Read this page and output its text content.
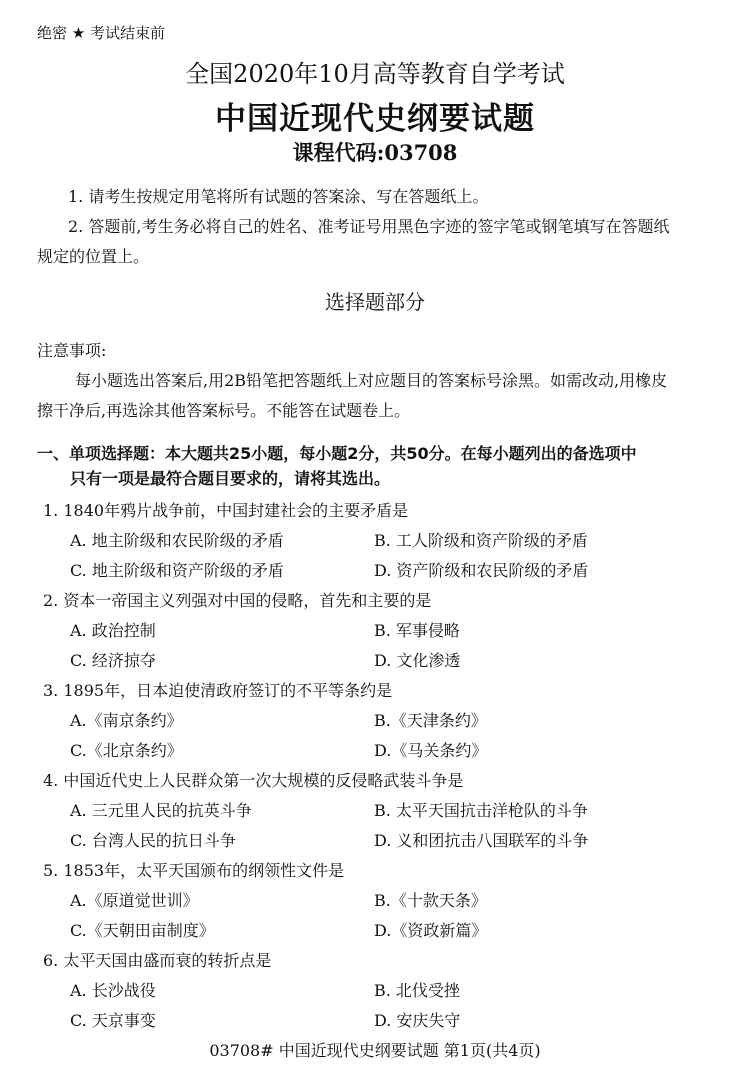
绝密 ★ 考试结束前
全国2020年10月高等教育自学考试
中国近现代史纲要试题
课程代码:03708
1. 请考生按规定用笔将所有试题的答案涂、写在答题纸上。
2. 答题前,考生务必将自己的姓名、准考证号用黑色字迹的签字笔或钢笔填写在答题纸
规定的位置上。
选择题部分
注意事项:
每小题选出答案后,用2B铅笔把答题纸上对应题目的答案标号涂黑。如需改动,用橡皮
擦干净后,再选涂其他答案标号。不能答在试题卷上。
一、单项选择题：本大题共25小题，每小题2分，共50分。在每小题列出的备选项中
只有一项是最符合题目要求的，请将其选出。
1. 1840年鸦片战争前，中国封建社会的主要矛盾是
A. 地主阶级和农民阶级的矛盾	B. 工人阶级和资产阶级的矛盾
C. 地主阶级和资产阶级的矛盾	D. 资产阶级和农民阶级的矛盾
2. 资本一帝国主义列强对中国的侵略，首先和主要的是
A. 政治控制	B. 军事侵略
C. 经济掠夺	D. 文化渗透
3. 1895年，日本迫使清政府签订的不平等条约是
A.《南京条约》	B.《天津条约》
C.《北京条约》	D.《马关条约》
4. 中国近代史上人民群众第一次大规模的反侵略武装斗争是
A. 三元里人民的抗英斗争	B. 太平天国抗击洋枪队的斗争
C. 台湾人民的抗日斗争	D. 义和团抗击八国联军的斗争
5. 1853年，太平天国颁布的纲领性文件是
A.《原道觉世训》	B.《十款天条》
C.《天朝田亩制度》	D.《资政新篇》
6. 太平天国由盛而衰的转折点是
A. 长沙战役	B. 北伐受挫
C. 天京事变	D. 安庆失守
03708# 中国近现代史纲要试题 第1页(共4页)
